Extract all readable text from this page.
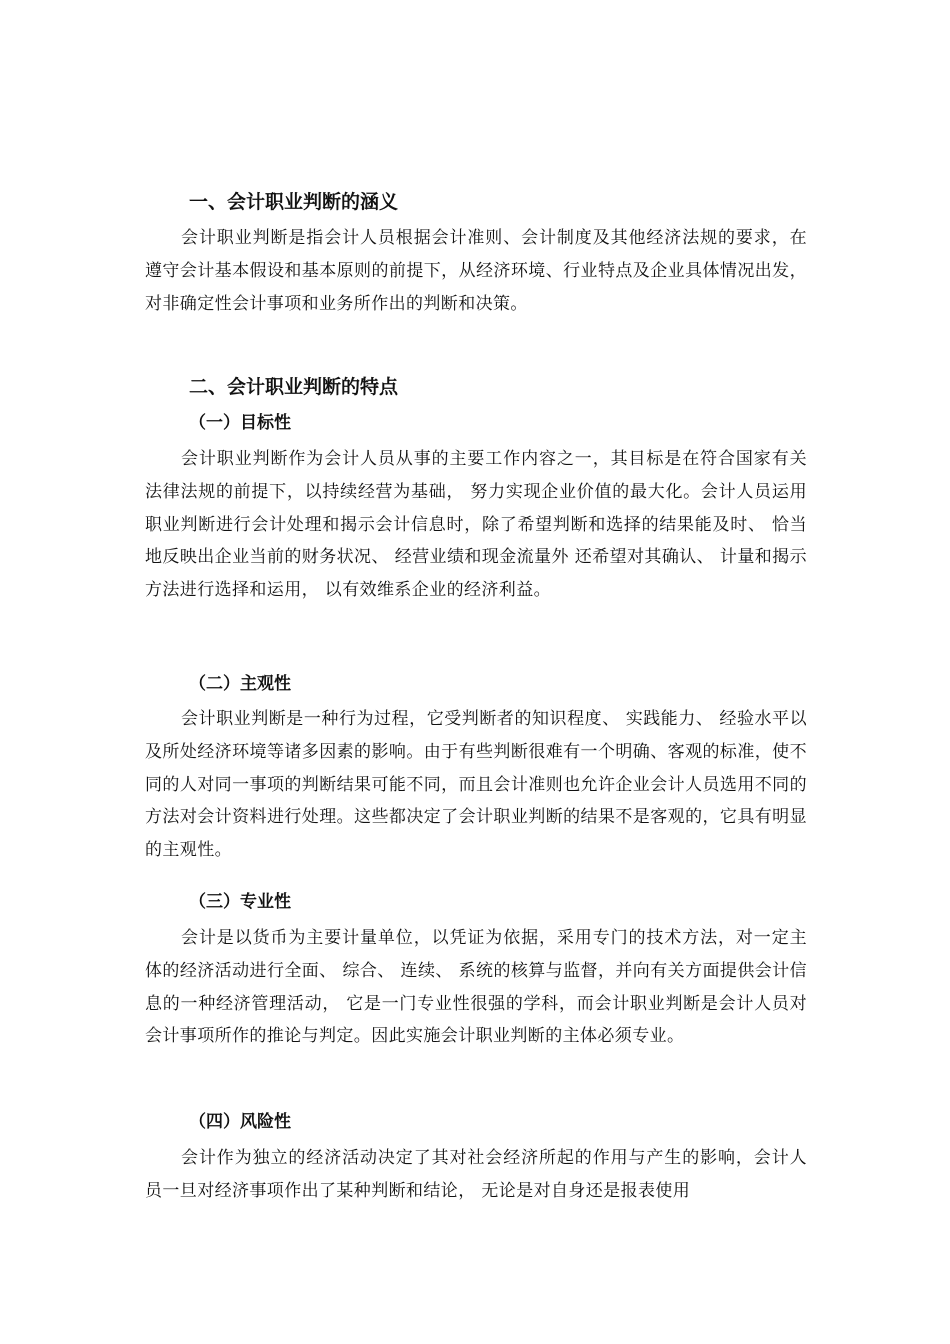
一、会计职业判断的涵义

会计职业判断是指会计人员根据会计准则、会计制度及其他经济法规的要求，在遵守会计基本假设和基本原则的前提下，从经济环境、行业特点及企业具体情况出发，对非确定性会计事项和业务所作出的判断和决策。

二、会计职业判断的特点
（一）目标性

会计职业判断作为会计人员从事的主要工作内容之一，其目标是在符合国家有关法律法规的前提下，以持续经营为基础， 努力实现企业价值的最大化。会计人员运用职业判断进行会计处理和揭示会计信息时，除了希望判断和选择的结果能及时、 恰当地反映出企业当前的财务状况、 经营业绩和现金流量外 还希望对其确认、 计量和揭示方法进行选择和运用， 以有效维系企业的经济利益。

（二）主观性

会计职业判断是一种行为过程，它受判断者的知识程度、 实践能力、 经验水平以及所处经济环境等诸多因素的影响。由于有些判断很难有一个明确、客观的标准，使不同的人对同一事项的判断结果可能不同，而且会计准则也允许企业会计人员选用不同的方法对会计资料进行处理。这些都决定了会计职业判断的结果不是客观的，它具有明显的主观性。

（三）专业性

会计是以货币为主要计量单位，以凭证为依据，采用专门的技术方法，对一定主体的经济活动进行全面、 综合、 连续、 系统的核算与监督，并向有关方面提供会计信息的一种经济管理活动， 它是一门专业性很强的学科，而会计职业判断是会计人员对会计事项所作的推论与判定。因此实施会计职业判断的主体必须专业。

（四）风险性

会计作为独立的经济活动决定了其对社会经济所起的作用与产生的影响，会计人员一旦对经济事项作出了某种判断和结论， 无论是对自身还是报表使用
